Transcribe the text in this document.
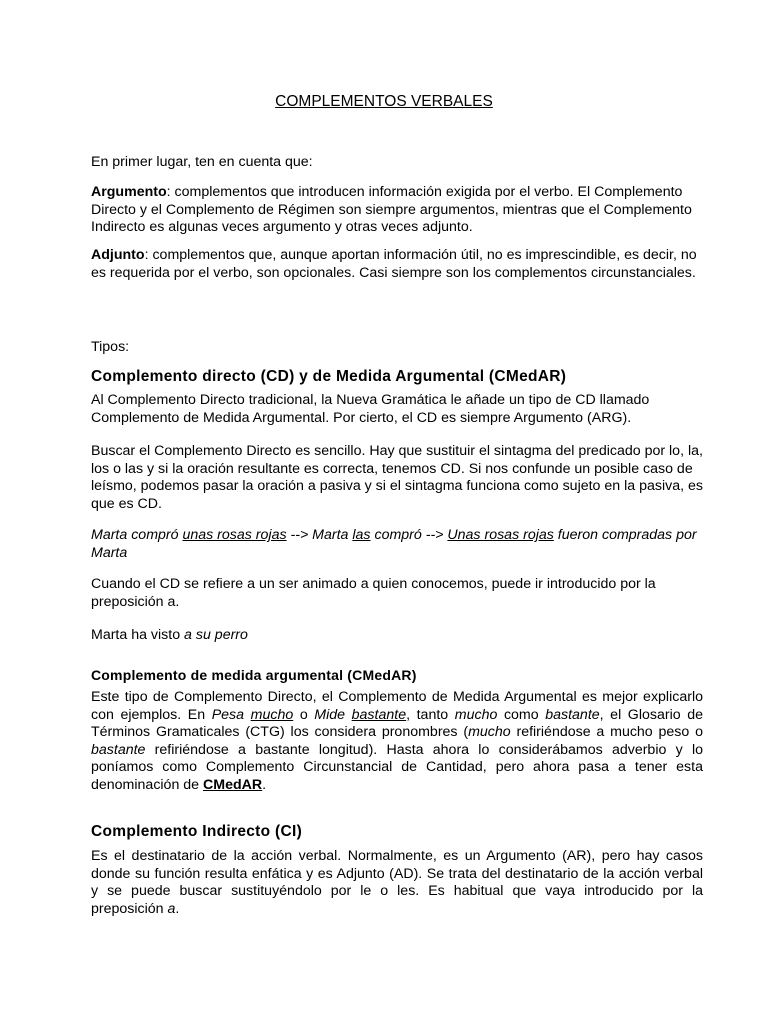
COMPLEMENTOS VERBALES

En primer lugar, ten en cuenta que:

Argumento: complementos que introducen información exigida por el verbo. El Complemento Directo y el Complemento de Régimen son siempre argumentos, mientras que el Complemento Indirecto es algunas veces argumento y otras veces adjunto.

Adjunto: complementos que, aunque aportan información útil, no es imprescindible, es decir, no es requerida por el verbo, son opcionales. Casi siempre son los complementos circunstanciales.

Tipos:

Complemento directo (CD) y de Medida Argumental (CMedAR)

Al Complemento Directo tradicional, la Nueva Gramática le añade un tipo de CD llamado Complemento de Medida Argumental. Por cierto, el CD es siempre Argumento (ARG).

Buscar el Complemento Directo es sencillo. Hay que sustituir el sintagma del predicado por lo, la, los o las y si la oración resultante es correcta, tenemos CD. Si nos confunde un posible caso de leísmo, podemos pasar la oración a pasiva y si el sintagma funciona como sujeto en la pasiva, es que es CD.

Marta compró unas rosas rojas --> Marta las compró --> Unas rosas rojas fueron compradas por Marta

Cuando el CD se refiere a un ser animado a quien conocemos, puede ir introducido por la preposición a.

Marta ha visto a su perro

Complemento de medida argumental (CMedAR)

Este tipo de Complemento Directo, el Complemento de Medida Argumental es mejor explicarlo con ejemplos. En Pesa mucho o Mide bastante, tanto mucho como bastante, el Glosario de Términos Gramaticales (CTG) los considera pronombres (mucho refiriéndose a mucho peso o bastante refiriéndose a bastante longitud). Hasta ahora lo considerábamos adverbio y lo poníamos como Complemento Circunstancial de Cantidad, pero ahora pasa a tener esta denominación de CMedAR.

Complemento Indirecto (CI)

Es el destinatario de la acción verbal. Normalmente, es un Argumento (AR), pero hay casos donde su función resulta enfática y es Adjunto (AD). Se trata del destinatario de la acción verbal y se puede buscar sustituyéndolo por le o les. Es habitual que vaya introducido por la preposición a.
